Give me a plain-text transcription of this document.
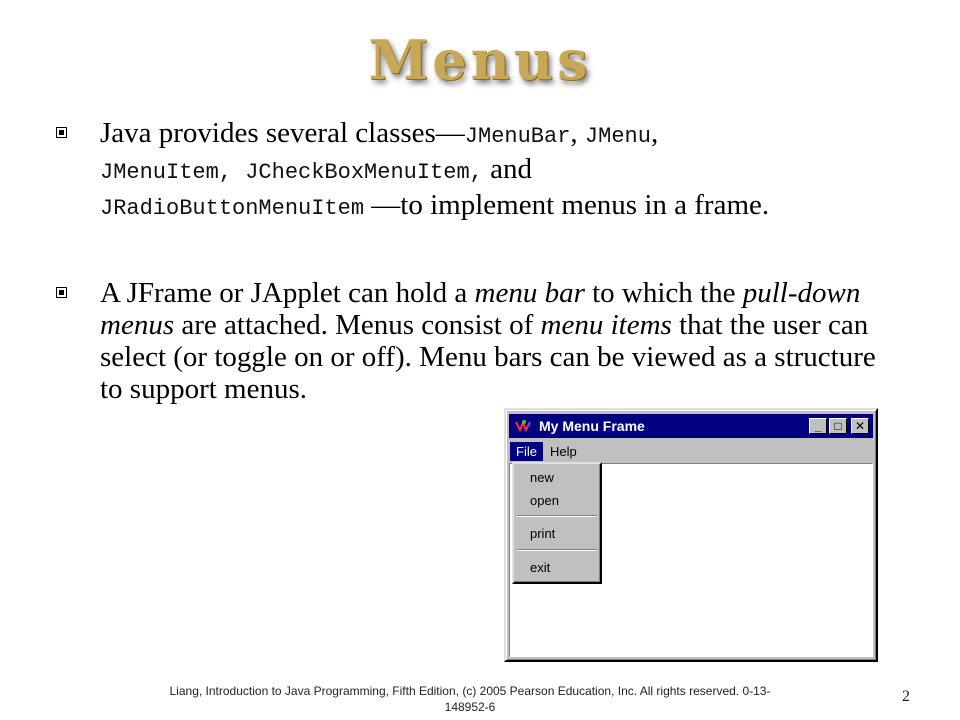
Menus
Java provides several classes—JMenuBar, JMenu,
JMenuItem, JCheckBoxMenuItem, and
JRadioButtonMenuItem —to implement menus in a frame.
A JFrame or JApplet can hold a menu bar to which the pull-down menus are attached. Menus consist of menu items that the user can select (or toggle on or off). Menu bars can be viewed as a structure to support menus.
My Menu Frame	_ □ ✕
File	Help
new
open
print
exit
Liang, Introduction to Java Programming, Fifth Edition, (c) 2005 Pearson Education, Inc. All rights reserved. 0-13-148952-6
2
